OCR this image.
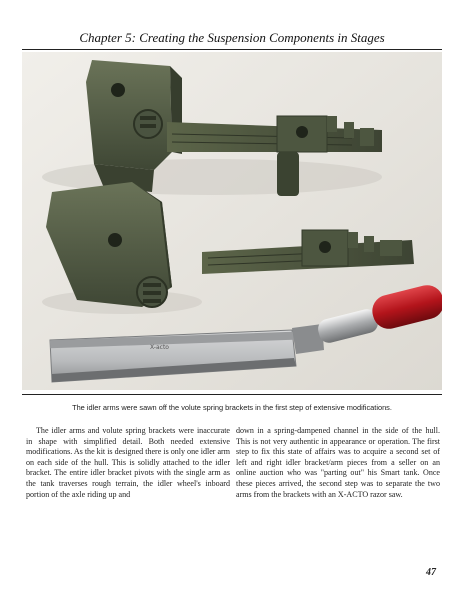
Chapter 5: Creating the Suspension Components in Stages
X-acto
The idler arms were sawn off the volute spring brackets in the first step of extensive modifications.
The idler arms and volute spring brackets were inaccurate in shape with simplified detail. Both needed extensive modifications. As the kit is designed there is only one idler arm on each side of the hull. This is solidly attached to the idler bracket. The entire idler bracket pivots with the single arm as the tank traverses rough terrain, the idler wheel's inboard portion of the axle riding up and
down in a spring-dampened channel in the side of the hull. This is not very authentic in appearance or operation. The first step to fix this state of affairs was to acquire a second set of left and right idler bracket/arm pieces from a seller on an online auction who was "parting out" his Smart tank. Once these pieces arrived, the second step was to separate the two arms from the brackets with an X-ACTO razor saw.
47
